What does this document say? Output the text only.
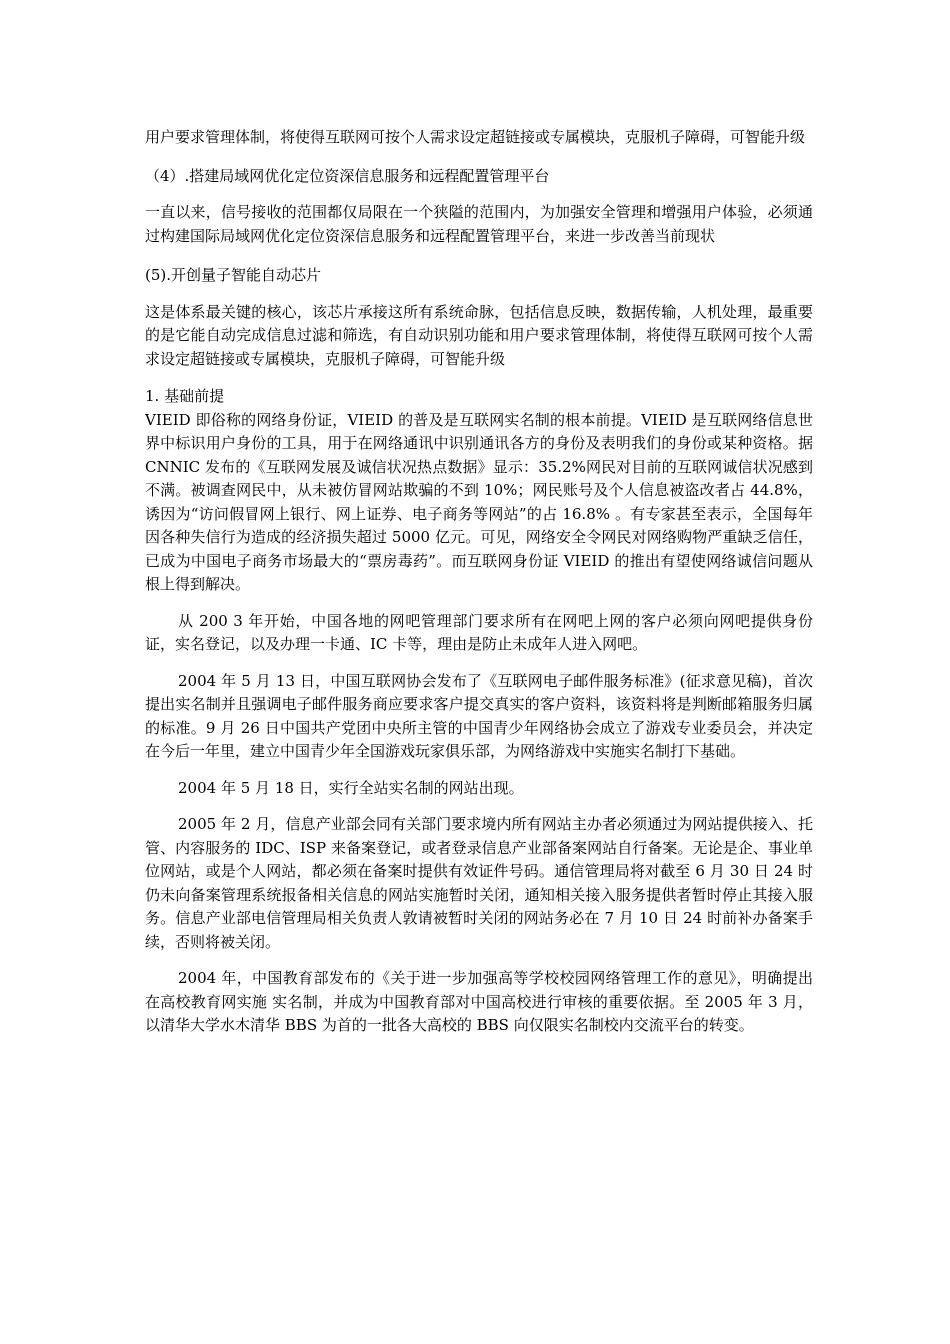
用户要求管理体制，将使得互联网可按个人需求设定超链接或专属模块，克服机子障碍，可智能升级

（4）.搭建局域网优化定位资深信息服务和远程配置管理平台

一直以来，信号接收的范围都仅局限在一个狭隘的范围内，为加强安全管理和增强用户体验，必须通过构建国际局域网优化定位资深信息服务和远程配置管理平台，来进一步改善当前现状

(5).开创量子智能自动芯片

这是体系最关键的核心，该芯片承接这所有系统命脉，包括信息反映，数据传输，人机处理，最重要的是它能自动完成信息过滤和筛选，有自动识别功能和用户要求管理体制，将使得互联网可按个人需求设定超链接或专属模块，克服机子障碍，可智能升级

1. 基础前提

VIEID 即俗称的网络身份证，VIEID 的普及是互联网实名制的根本前提。VIEID 是互联网络信息世界中标识用户身份的工具，用于在网络通讯中识别通讯各方的身份及表明我们的身份或某种资格。据 CNNIC 发布的《互联网发展及诚信状况热点数据》显示：35.2%网民对目前的互联网诚信状况感到不满。被调查网民中，从未被仿冒网站欺骗的不到 10%；网民账号及个人信息被盗改者占 44.8%，诱因为“访问假冒网上银行、网上证券、电子商务等网站”的占 16.8% 。有专家甚至表示，全国每年因各种失信行为造成的经济损失超过 5000 亿元。可见，网络安全令网民对网络购物严重缺乏信任，已成为中国电子商务市场最大的“票房毒药”。而互联网身份证 VIEID 的推出有望使网络诚信问题从根上得到解决。

从 200 3 年开始，中国各地的网吧管理部门要求所有在网吧上网的客户必须向网吧提供身份证，实名登记，以及办理一卡通、IC 卡等，理由是防止未成年人进入网吧。

2004 年 5 月 13 日，中国互联网协会发布了《互联网电子邮件服务标准》(征求意见稿)，首次提出实名制并且强调电子邮件服务商应要求客户提交真实的客户资料，该资料将是判断邮箱服务归属的标准。9 月 26 日中国共产党团中央所主管的中国青少年网络协会成立了游戏专业委员会，并决定在今后一年里，建立中国青少年全国游戏玩家俱乐部，为网络游戏中实施实名制打下基础。

2004 年 5 月 18 日，实行全站实名制的网站出现。

2005 年 2 月，信息产业部会同有关部门要求境内所有网站主办者必须通过为网站提供接入、托管、内容服务的 IDC、ISP 来备案登记，或者登录信息产业部备案网站自行备案。无论是企、事业单位网站，或是个人网站，都必须在备案时提供有效证件号码。通信管理局将对截至 6 月 30 日 24 时仍未向备案管理系统报备相关信息的网站实施暂时关闭，通知相关接入服务提供者暂时停止其接入服务。信息产业部电信管理局相关负责人敦请被暂时关闭的网站务必在 7 月 10 日 24 时前补办备案手续，否则将被关闭。

2004 年，中国教育部发布的《关于进一步加强高等学校校园网络管理工作的意见》，明确提出在高校教育网实施 实名制，并成为中国教育部对中国高校进行审核的重要依据。至 2005 年 3 月，以清华大学水木清华 BBS 为首的一批各大高校的 BBS 向仅限实名制校内交流平台的转变。
